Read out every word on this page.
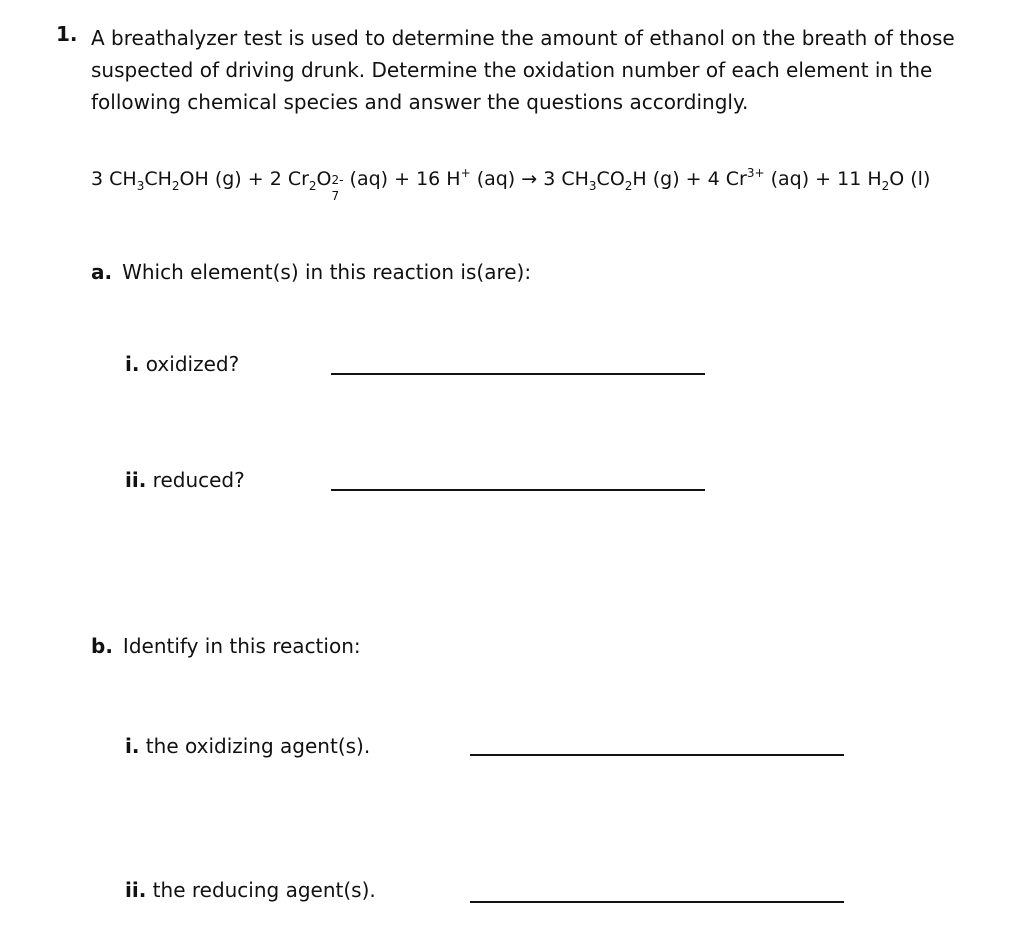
1. A breathalyzer test is used to determine the amount of ethanol on the breath of those
suspected of driving drunk. Determine the oxidation number of each element in the
following chemical species and answer the questions accordingly.
3 $CH_3CH_2OH$ (g) + 2 $Cr_2O$
7
2- (aq) + 16 H+ (aq) → 3 $CH_3CO_2H$ (g) + 4 $Cr^{3+}$ (aq) + 11 $H_2O$ (l)
a. Which element(s) in this reaction is(are):
i. oxidized?
ii. reduced?
b. Identify in this reaction:
i. the oxidizing agent(s).
ii. the reducing agent(s).
